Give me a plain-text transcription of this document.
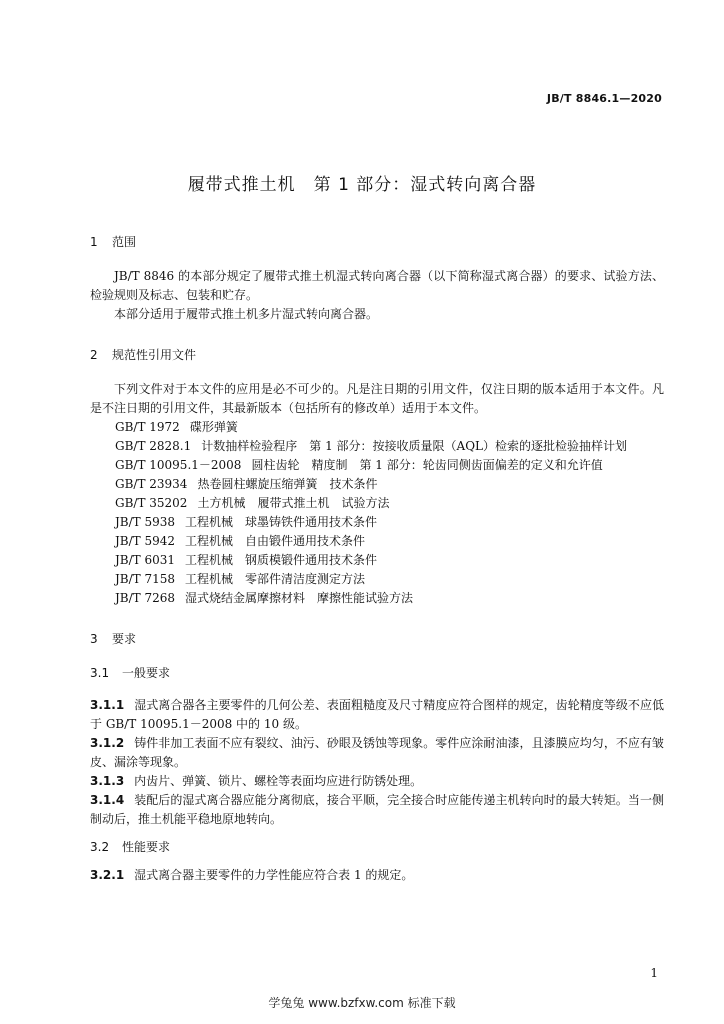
JB/T 8846.1—2020
履带式推土机　第 1 部分：湿式转向离合器
1 范围
JB/T 8846 的本部分规定了履带式推土机湿式转向离合器（以下简称湿式离合器）的要求、试验方法、检验规则及标志、包装和贮存。
本部分适用于履带式推土机多片湿式转向离合器。
2 规范性引用文件
下列文件对于本文件的应用是必不可少的。凡是注日期的引用文件，仅注日期的版本适用于本文件。凡是不注日期的引用文件，其最新版本（包括所有的修改单）适用于本文件。
GB/T 1972 碟形弹簧
GB/T 2828.1 计数抽样检验程序　第 1 部分：按接收质量限（AQL）检索的逐批检验抽样计划
GB/T 10095.1－2008 圆柱齿轮　精度制　第 1 部分：轮齿同侧齿面偏差的定义和允许值
GB/T 23934 热卷圆柱螺旋压缩弹簧　技术条件
GB/T 35202 土方机械　履带式推土机　试验方法
JB/T 5938 工程机械　球墨铸铁件通用技术条件
JB/T 5942 工程机械　自由锻件通用技术条件
JB/T 6031 工程机械　钢质模锻件通用技术条件
JB/T 7158 工程机械　零部件清洁度测定方法
JB/T 7268 湿式烧结金属摩擦材料　摩擦性能试验方法
3 要求
3.1 一般要求
3.1.1 湿式离合器各主要零件的几何公差、表面粗糙度及尺寸精度应符合图样的规定，齿轮精度等级不应低于 GB/T 10095.1－2008 中的 10 级。
3.1.2 铸件非加工表面不应有裂纹、油污、砂眼及锈蚀等现象。零件应涂耐油漆，且漆膜应均匀，不应有皱皮、漏涂等现象。
3.1.3 内齿片、弹簧、锁片、螺栓等表面均应进行防锈处理。
3.1.4 装配后的湿式离合器应能分离彻底，接合平顺，完全接合时应能传递主机转向时的最大转矩。当一侧制动后，推土机能平稳地原地转向。
3.2 性能要求
3.2.1 湿式离合器主要零件的力学性能应符合表 1 的规定。
1
学兔兔 www.bzfxw.com 标准下载
